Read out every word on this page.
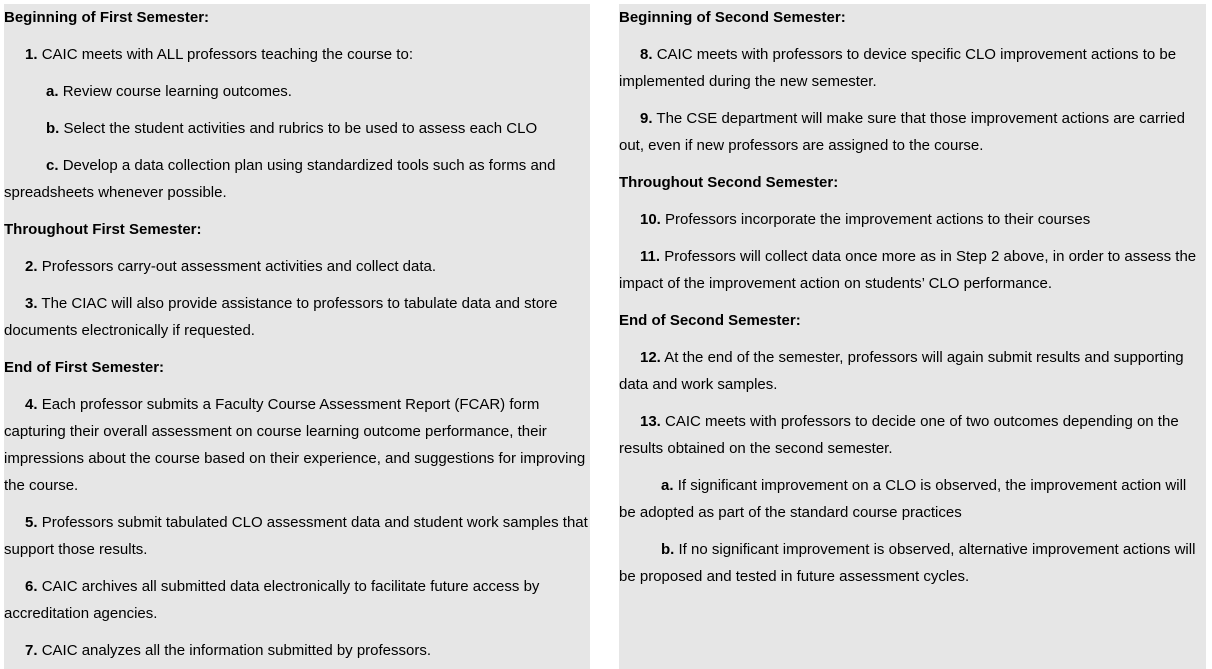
Beginning of First Semester:
1. CAIC meets with ALL professors teaching the course to:
a. Review course learning outcomes.
b. Select the student activities and rubrics to be used to assess each CLO
c. Develop a data collection plan using standardized tools such as forms and spreadsheets whenever possible.
Throughout First Semester:
2. Professors carry-out assessment activities and collect data.
3. The CIAC will also provide assistance to professors to tabulate data and store documents electronically if requested.
End of First Semester:
4. Each professor submits a Faculty Course Assessment Report (FCAR) form capturing their overall assessment on course learning outcome performance, their impressions about the course based on their experience, and suggestions for improving the course.
5. Professors submit tabulated CLO assessment data and student work samples that support those results.
6. CAIC archives all submitted data electronically to facilitate future access by accreditation agencies.
7. CAIC analyzes all the information submitted by professors.
Beginning of Second Semester:
8. CAIC meets with professors to device specific CLO improvement actions to be implemented during the new semester.
9. The CSE department will make sure that those improvement actions are carried out, even if new professors are assigned to the course.
Throughout Second Semester:
10. Professors incorporate the improvement actions to their courses
11. Professors will collect data once more as in Step 2 above, in order to assess the impact of the improvement action on students’ CLO performance.
End of Second Semester:
12. At the end of the semester, professors will again submit results and supporting data and work samples.
13. CAIC meets with professors to decide one of two outcomes depending on the results obtained on the second semester.
a. If significant improvement on a CLO is observed, the improvement action will be adopted as part of the standard course practices
b. If no significant improvement is observed, alternative improvement actions will be proposed and tested in future assessment cycles.
